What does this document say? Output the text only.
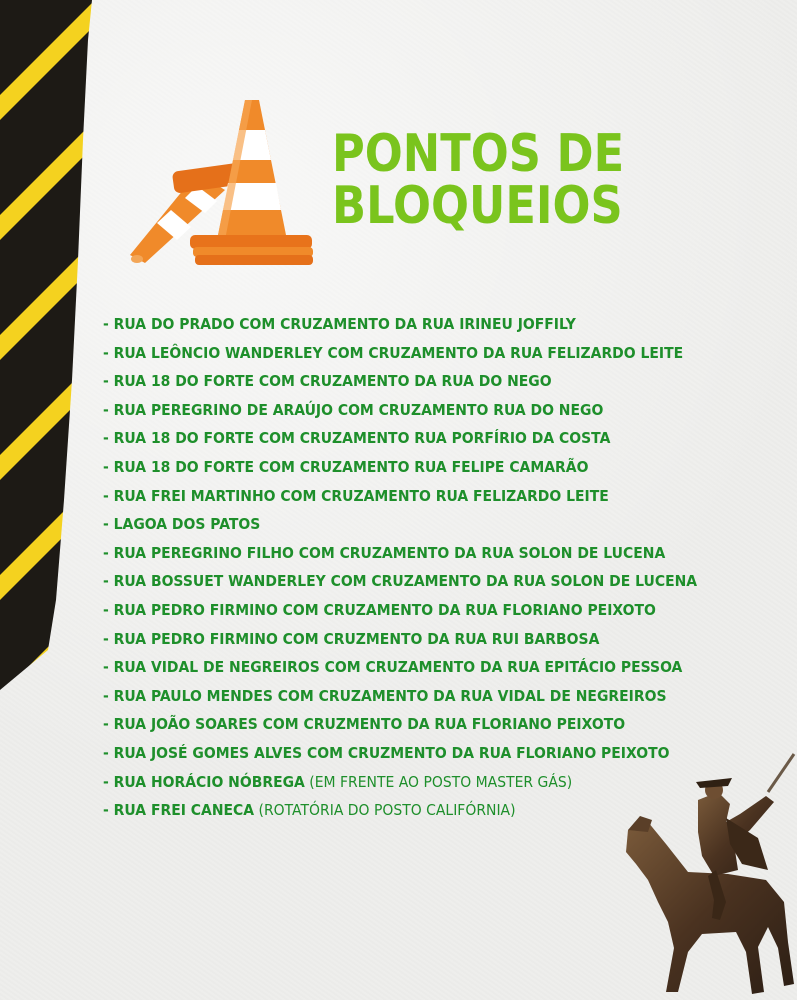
PONTOS DE
BLOQUEIOS
- RUA DO PRADO COM CRUZAMENTO DA RUA IRINEU JOFFILY
- RUA LEÔNCIO WANDERLEY COM CRUZAMENTO DA RUA FELIZARDO LEITE
- RUA 18 DO FORTE COM CRUZAMENTO DA RUA DO NEGO
- RUA PEREGRINO DE ARAÚJO COM CRUZAMENTO RUA DO NEGO
- RUA 18 DO FORTE COM CRUZAMENTO RUA PORFÍRIO DA COSTA
- RUA 18 DO FORTE COM CRUZAMENTO RUA FELIPE CAMARÃO
- RUA FREI MARTINHO COM CRUZAMENTO RUA FELIZARDO LEITE
- LAGOA DOS PATOS
- RUA PEREGRINO FILHO COM CRUZAMENTO DA RUA SOLON DE LUCENA
- RUA BOSSUET WANDERLEY COM CRUZAMENTO DA RUA SOLON DE LUCENA
- RUA PEDRO FIRMINO COM CRUZAMENTO DA RUA FLORIANO PEIXOTO
- RUA PEDRO FIRMINO COM CRUZMENTO DA RUA RUI BARBOSA
- RUA VIDAL DE NEGREIROS COM CRUZAMENTO DA RUA EPITÁCIO PESSOA
- RUA PAULO MENDES COM CRUZAMENTO DA RUA VIDAL DE NEGREIROS
- RUA JOÃO SOARES COM CRUZMENTO DA RUA FLORIANO PEIXOTO
- RUA JOSÉ GOMES ALVES COM CRUZMENTO DA RUA FLORIANO PEIXOTO
- RUA HORÁCIO NÓBREGA (EM FRENTE AO POSTO MASTER GÁS)
- RUA FREI CANECA (ROTATÓRIA DO POSTO CALIFÓRNIA)
